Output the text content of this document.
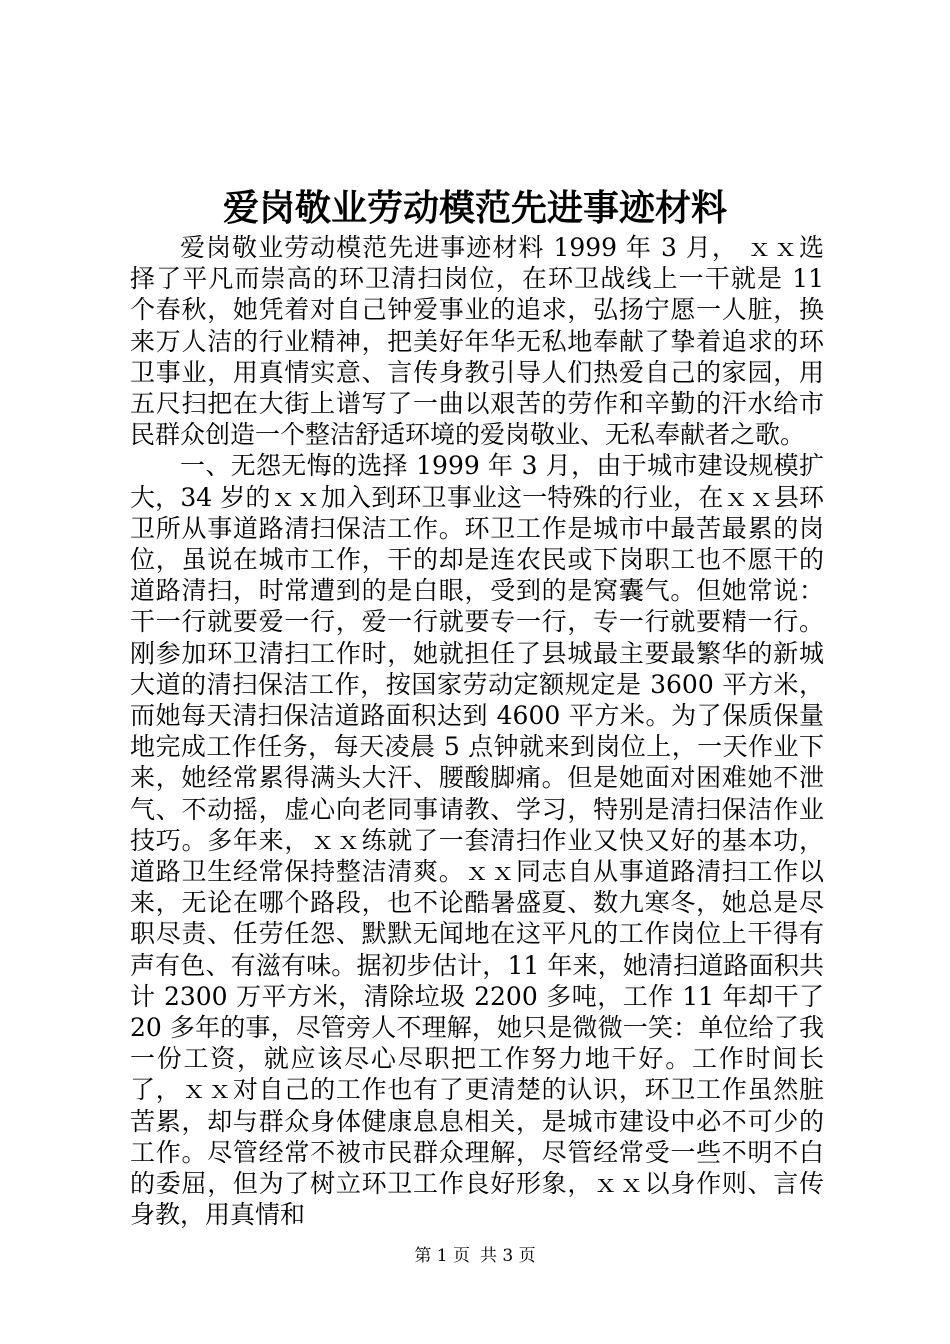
爱岗敬业劳动模范先进事迹材料

爱岗敬业劳动模范先进事迹材料 1999 年 3 月， ｘｘ选择了平凡而崇高的环卫清扫岗位，在环卫战线上一干就是 11 个春秋，她凭着对自己钟爱事业的追求，弘扬宁愿一人脏，换来万人洁的行业精神，把美好年华无私地奉献了挚着追求的环卫事业，用真情实意、言传身教引导人们热爱自己的家园，用五尺扫把在大街上谱写了一曲以艰苦的劳作和辛勤的汗水给市民群众创造一个整洁舒适环境的爱岗敬业、无私奉献者之歌。

一、无怨无悔的选择 1999 年 3 月，由于城市建设规模扩大，34 岁的ｘｘ加入到环卫事业这一特殊的行业，在ｘｘ县环卫所从事道路清扫保洁工作。环卫工作是城市中最苦最累的岗位，虽说在城市工作，干的却是连农民或下岗职工也不愿干的道路清扫，时常遭到的是白眼，受到的是窝囊气。但她常说：干一行就要爱一行，爱一行就要专一行，专一行就要精一行。刚参加环卫清扫工作时，她就担任了县城最主要最繁华的新城大道的清扫保洁工作，按国家劳动定额规定是 3600 平方米，而她每天清扫保洁道路面积达到 4600 平方米。为了保质保量地完成工作任务，每天凌晨 5 点钟就来到岗位上，一天作业下来，她经常累得满头大汗、腰酸脚痛。但是她面对困难她不泄气、不动摇，虚心向老同事请教、学习，特别是清扫保洁作业技巧。多年来，ｘｘ练就了一套清扫作业又快又好的基本功，道路卫生经常保持整洁清爽。ｘｘ同志自从事道路清扫工作以来，无论在哪个路段，也不论酷暑盛夏、数九寒冬，她总是尽职尽责、任劳任怨、默默无闻地在这平凡的工作岗位上干得有声有色、有滋有味。据初步估计，11 年来，她清扫道路面积共计 2300 万平方米，清除垃圾 2200 多吨，工作 11 年却干了 20 多年的事，尽管旁人不理解，她只是微微一笑：单位给了我一份工资，就应该尽心尽职把工作努力地干好。工作时间长了，ｘｘ对自己的工作也有了更清楚的认识，环卫工作虽然脏苦累，却与群众身体健康息息相关，是城市建设中必不可少的工作。尽管经常不被市民群众理解，尽管经常受一些不明不白的委屈，但为了树立环卫工作良好形象，ｘｘ以身作则、言传身教，用真情和

第 1 页 共 3 页
